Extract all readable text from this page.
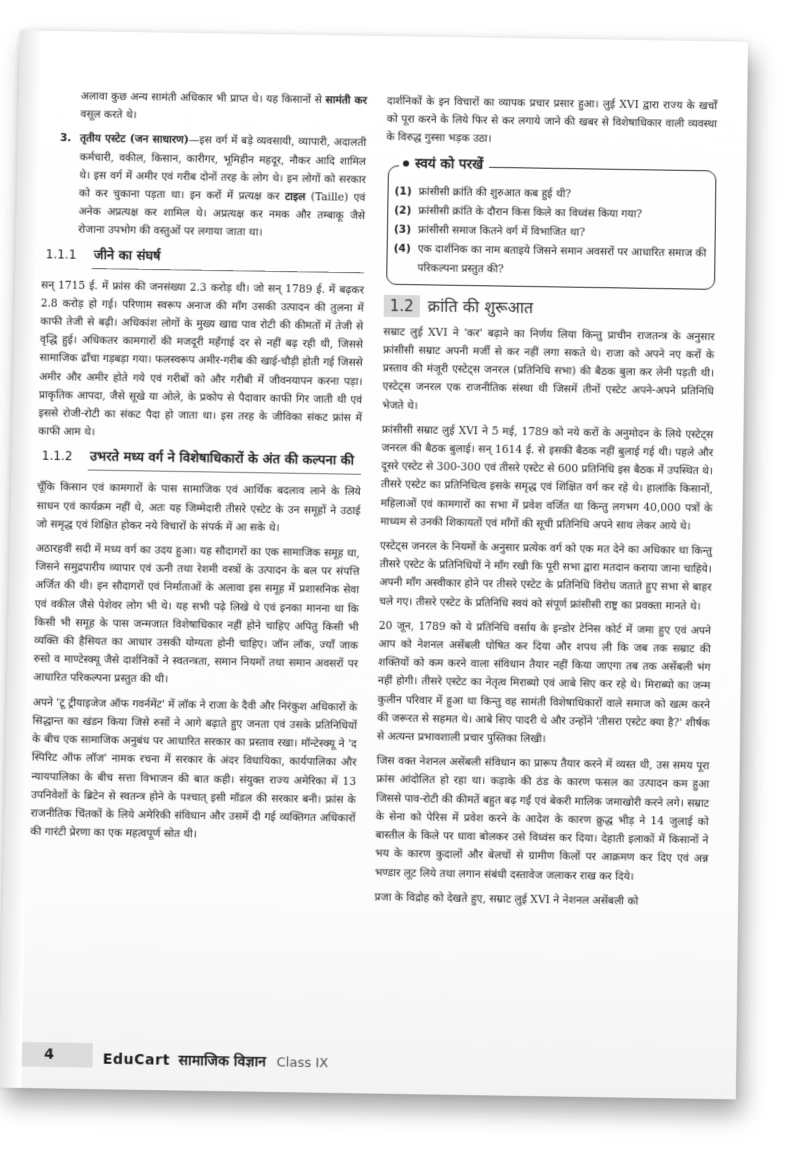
अलावा कुछ अन्य सामंती अधिकार भी प्राप्त थे। यह किसानों से सामंती कर वसूल करते थे।

3. तृतीय एस्टेट (जन साधारण)—इस वर्ग में बड़े व्यवसायी, व्यापारी, अदालती कर्मचारी, वकील, किसान, कारीगर, भूमिहीन महदूर, नौकर आदि शामिल थे। इस वर्ग में अमीर एवं गरीब दोनों तरह के लोग थे। इन लोगों को सरकार को कर चुकाना पड़ता था। इन करों में प्रत्यक्ष कर टाइल (Taille) एवं अनेक अप्रत्यक्ष कर शामिल थे। अप्रत्यक्ष कर नमक और तम्बाकू जैसे रोजाना उपभोग की वस्तुओं पर लगाया जाता था।

1.1.1 जीने का संघर्ष

सन् 1715 ई. में फ्रांस की जनसंख्या 2.3 करोड़ थी। जो सन् 1789 ई. में बढ़कर 2.8 करोड़ हो गई। परिणाम स्वरूप अनाज की माँग उसकी उत्पादन की तुलना में काफी तेजी से बढ़ी। अधिकांश लोगों के मुख्य खाद्य पाव रोटी की कीमतों में तेजी से वृद्धि हुई। अधिकतर कामगारों की मजदूरी महँगाई दर से नहीं बढ़ रही थी, जिससे सामाजिक ढाँचा गड़बड़ा गया। फलस्वरूप अमीर-गरीब की खाई-चौड़ी होती गई जिससे अमीर और अमीर होते गये एवं गरीबों को और गरीबी में जीवनयापन करना पड़ा। प्राकृतिक आपदा, जैसे सूखे या ओले, के प्रकोप से पैदावार काफी गिर जाती थी एवं इससे रोजी-रोटी का संकट पैदा हो जाता था। इस तरह के जीविका संकट फ्रांस में काफी आम थे।

1.1.2 उभरते मध्य वर्ग ने विशेषाधिकारों के अंत की कल्पना की

चूँकि किसान एवं कामगारों के पास सामाजिक एवं आर्थिक बदलाव लाने के लिये साधन एवं कार्यक्रम नहीं थे, अतः यह जिम्मेदारी तीसरे एस्टेट के उन समूहों ने उठाई जो समृद्ध एवं शिक्षित होकर नये विचारों के संपर्क में आ सके थे।

अठारहवीं सदी में मध्य वर्ग का उदय हुआ। यह सौदागरों का एक सामाजिक समूह था, जिसने समुद्रपारीय व्यापार एवं ऊनी तथा रेशमी वस्त्रों के उत्पादन के बल पर संपत्ति अर्जित की थी। इन सौदागरों एवं निर्माताओं के अलावा इस समूह में प्रशासनिक सेवा एवं वकील जैसे पेशेवर लोग भी थे। यह सभी पढ़े लिखे थे एवं इनका मानना था कि किसी भी समूह के पास जन्मजात विशेषाधिकार नहीं होने चाहिए अपितु किसी भी व्यक्ति की हैसियत का आधार उसकी योग्यता होनी चाहिए। जॉन लॉक, ज्याँ जाक रुसो व माण्टेस्क्यू जैसे दार्शनिकों ने स्वतन्त्रता, समान नियमों तथा समान अवसरों पर आधारित परिकल्पना प्रस्तुत की थी।

अपने 'टू ट्रीयाइजेज ऑफ गवर्नमेंट' में लॉक ने राजा के दैवी और निरंकुश अधिकारों के सिद्धान्त का खंडन किया जिसे रुसों ने आगे बढ़ाते हुए जनता एवं उसके प्रतिनिधियों के बीच एक सामाजिक अनुबंध पर आधारित सरकार का प्रस्ताव रखा। मॉन्टेस्क्यू ने 'द स्पिरिट ऑफ लॉज' नामक रचना में सरकार के अंदर विधायिका, कार्यपालिका और न्यायपालिका के बीच सत्ता विभाजन की बात कही। संयुक्त राज्य अमेरिका में 13 उपनिवेशों के ब्रिटेन से स्वतन्त्र होने के पश्चात् इसी मॉडल की सरकार बनी। फ्रांस के राजनीतिक चिंतकों के लिये अमेरिकी संविधान और उसमें दी गई व्यक्तिगत अधिकारों की गारंटी प्रेरणा का एक महत्वपूर्ण स्रोत थी।

दार्शनिकों के इन विचारों का व्यापक प्रचार प्रसार हुआ। लुई XVI द्वारा राज्य के खर्चों को पूरा करने के लिये फिर से कर लगाये जाने की खबर से विशेषाधिकार वाली व्यवस्था के विरुद्ध गुस्सा भड़क उठा।

स्वयं को परखें
(1) फ्रांसीसी क्रांति की शुरुआत कब हुई थी?
(2) फ्रांसीसी क्रांति के दौरान किस किले का विध्वंस किया गया?
(3) फ्रांसीसी समाज कितने वर्ग में विभाजित था?
(4) एक दार्शनिक का नाम बताइये जिसने समान अवसरों पर आधारित समाज की परिकल्पना प्रस्तुत की?
1.2 क्रांति की शुरूआत

सम्राट लुई XVI ने 'कर' बढ़ाने का निर्णय लिया किन्तु प्राचीन राजतन्त्र के अनुसार फ्रांसीसी सम्राट अपनी मर्जी से कर नहीं लगा सकते थे। राजा को अपने नए करों के प्रस्ताव की मंजूरी एस्टेट्स जनरल (प्रतिनिधि सभा) की बैठक बुला कर लेनी पड़ती थी। एस्टेट्स जनरल एक राजनीतिक संस्था थी जिसमें तीनों एस्टेट अपने-अपने प्रतिनिधि भेजते थे।

फ्रांसीसी सम्राट लुई XVI ने 5 मई, 1789 को नये करों के अनुमोदन के लिये एस्टेट्स जनरल की बैठक बुलाई। सन् 1614 ई. से इसकी बैठक नहीं बुलाई गई थी। पहले और दूसरे एस्टेट से 300-300 एवं तीसरे एस्टेट से 600 प्रतिनिधि इस बैठक में उपस्थित थे। तीसरे एस्टेट का प्रतिनिधित्व इसके समृद्ध एवं शिक्षित वर्ग कर रहे थे। हालांकि किसानों, महिलाओं एवं कामगारों का सभा में प्रवेश वर्जित था किन्तु लगभग 40,000 पत्रों के माध्यम से उनकी शिकायतों एवं माँगों की सूची प्रतिनिधि अपने साथ लेकर आये थे।

एस्टेट्स जनरल के नियमों के अनुसार प्रत्येक वर्ग को एक मत देने का अधिकार था किन्तु तीसरे एस्टेट के प्रतिनिधियों ने माँग रखी कि पूरी सभा द्वारा मतदान कराया जाना चाहिये। अपनी माँग अस्वीकार होने पर तीसरे एस्टेट के प्रतिनिधि विरोध जताते हुए सभा से बाहर चले गए। तीसरे एस्टेट के प्रतिनिधि स्वयं को संपूर्ण फ्रांसीसी राष्ट्र का प्रवक्ता मानते थे।

20 जून, 1789 को ये प्रतिनिधि वर्साय के इन्डोर टेनिस कोर्ट में जमा हुए एवं अपने आप को नेशनल असेंबली घोषित कर दिया और शपथ ली कि जब तक सम्राट की शक्तियों को कम करने वाला संविधान तैयार नहीं किया जाएगा तब तक असेंबली भंग नहीं होगी। तीसरे एस्टेट का नेतृत्व मिराब्यो एवं आबे सिए कर रहे थे। मिराब्यो का जन्म कुलीन परिवार में हुआ था किन्तु वह सामंती विशेषाधिकारों वाले समाज को खत्म करने की जरूरत से सहमत थे। आबे सिए पादरी थे और उन्होंने 'तीसरा एस्टेट क्या है?' शीर्षक से अत्यन्त प्रभावशाली प्रचार पुस्तिका लिखी।

जिस वक्त नेशनल असेंबली संविधान का प्रारूप तैयार करने में व्यस्त थी, उस समय पूरा फ्रांस आंदोलित हो रहा था। कड़ाके की ठंड के कारण फसल का उत्पादन कम हुआ जिससे पाव-रोटी की कीमतें बहुत बढ़ गईं एवं बेकरी मालिक जमाखोरी करने लगे। सम्राट के सेना को पेरिस में प्रवेश करने के आदेश के कारण क्रुद्ध भीड़ ने 14 जुलाई को बास्तील के किले पर धावा बोलकर उसे विध्वंस कर दिया। देहाती इलाकों में किसानों ने भय के कारण कुदालों और बेलचों से ग्रामीण किलों पर आक्रमण कर दिए एवं अन्न भण्डार लूट लिये तथा लगान संबंधी दस्तावेज जलाकर राख कर दिये।

प्रजा के विद्रोह को देखते हुए, सम्राट लुई XVI ने नेशनल असेंबली को

4	EduCart सामाजिक विज्ञान Class IX
